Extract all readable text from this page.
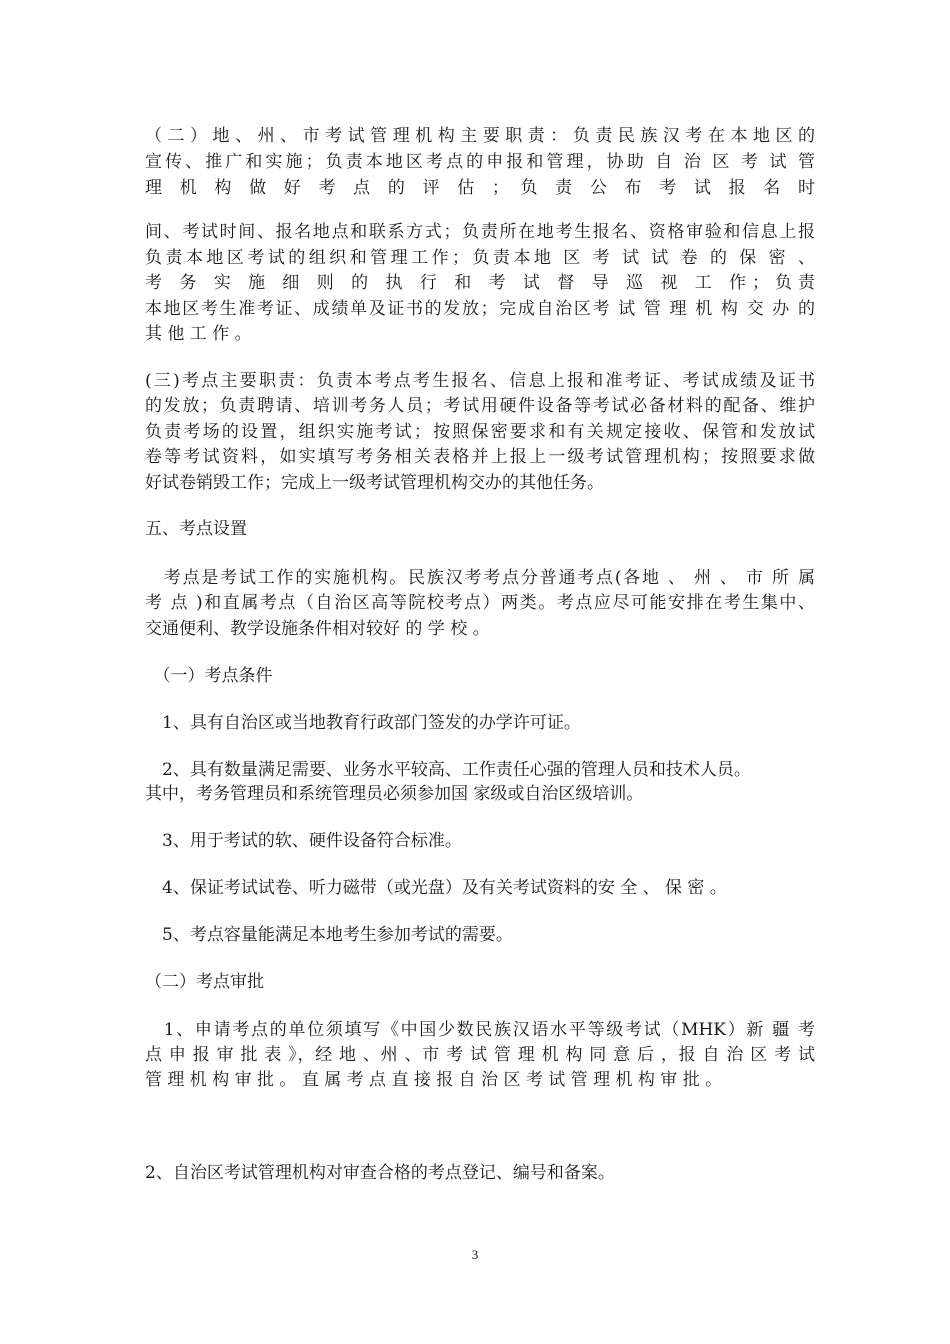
（二）地、州、市考试管理机构主要职责：负责民族汉考在本地区的
宣传、推广和实施；负责本地区考点的申报和管理，协助 自 治 区 考 试 管
理 机 构 做 好 考 点 的 评 估 ； 负 责 公 布 考 试 报 名 时
间、考试时间、报名地点和联系方式；负责所在地考生报名、资格审验和信息上报
负责本地区考试的组织和管理工作；负责本地 区 考 试 试 卷 的 保 密 、
考 务 实 施 细 则 的 执 行 和 考 试 督 导 巡 视 工 作；负责
本地区考生准考证、成绩单及证书的发放；完成自治区考 试 管 理 机 构 交 办 的
其 他 工 作 。
(三)考点主要职责：负责本考点考生报名、信息上报和准考证、考试成绩及证书
的发放；负责聘请、培训考务人员；考试用硬件设备等考试必备材料的配备、维护
负责考场的设置，组织实施考试；按照保密要求和有关规定接收、保管和发放试
卷等考试资料，如实填写考务相关表格并上报上一级考试管理机构；按照要求做
好试卷销毁工作；完成上一级考试管理机构交办的其他任务。
五、考点设置
　考点是考试工作的实施机构。民族汉考考点分普通考点(各地 、 州 、 市 所 属
考 点 )和直属考点（自治区高等院校考点）两类。考点应尽可能安排在考生集中、
交通便利、教学设施条件相对较好 的 学 校 。
　（一）考点条件
　1、具有自治区或当地教育行政部门签发的办学许可证。
　2、具有数量满足需要、业务水平较高、工作责任心强的管理人员和技术人员。
其中，考务管理员和系统管理员必须参加国 家级或自治区级培训。
　3、用于考试的软、硬件设备符合标准。
　4、保证考试试卷、听力磁带（或光盘）及有关考试资料的安 全 、 保 密 。
　5、考点容量能满足本地考生参加考试的需要。
（二）考点审批
　1、申请考点的单位须填写《中国少数民族汉语水平等级考试（MHK）新 疆 考
点 申 报 审 批 表 》，经 地 、州 、市 考 试 管 理 机 构 同 意 后 ，报 自 治 区 考 试
管 理 机 构 审 批 。 直 属 考 点 直 接 报 自 治 区 考 试 管 理 机 构 审 批 。
2、自治区考试管理机构对审查合格的考点登记、编号和备案。
3
